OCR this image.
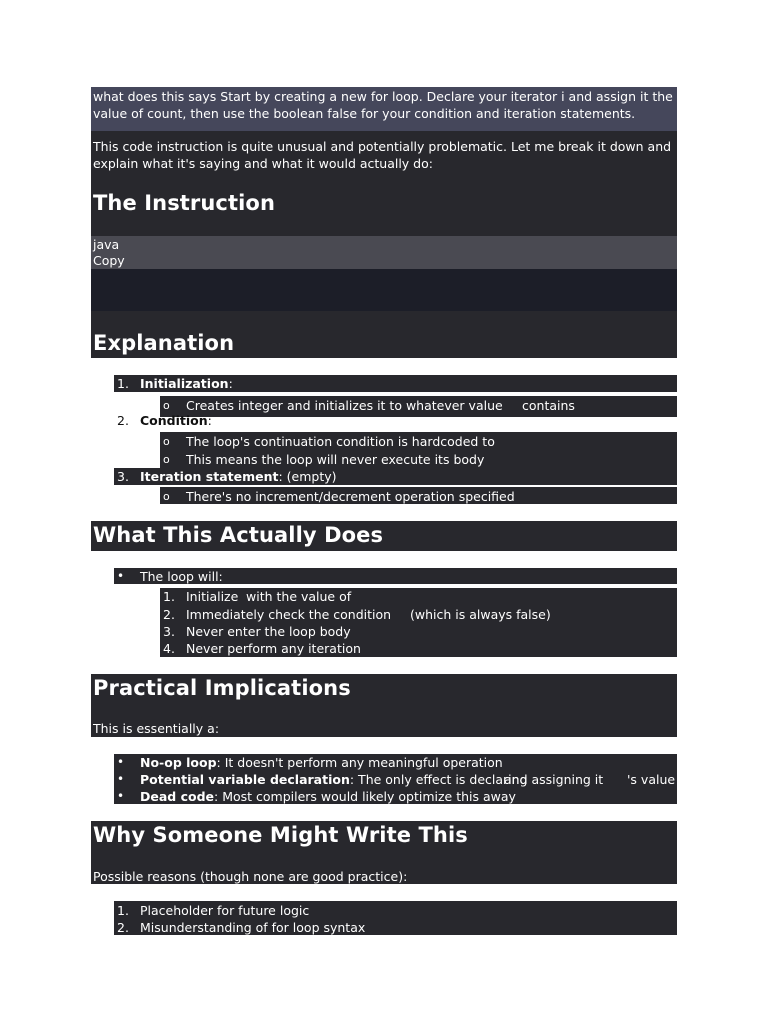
what does this says Start by creating a new for loop. Declare your iterator i and assign it the value of count, then use the boolean false for your condition and iteration statements.
This code instruction is quite unusual and potentially problematic. Let me break it down and
explain what it's saying and what it would actually do:
The Instruction
java
Copy
Explanation
1. Initialization:
o Creates integer and initializes it to whatever value contains
2. Condition:
o The loop's continuation condition is hardcoded to
o This means the loop will never execute its body
3. Iteration statement: (empty)
o There's no increment/decrement operation specified
What This Actually Does
• The loop will:
1. Initialize with the value of
2. Immediately check the condition (which is always false)
3. Never enter the loop body
4. Never perform any iteration
Practical Implications
This is essentially a:
• No-op loop: It doesn't perform any meaningful operation
• Potential variable declaration: The only effect is declaring
and assigning it 's value
• Dead code: Most compilers would likely optimize this away
Why Someone Might Write This
Possible reasons (though none are good practice):
1. Placeholder for future logic
2. Misunderstanding of for loop syntax
